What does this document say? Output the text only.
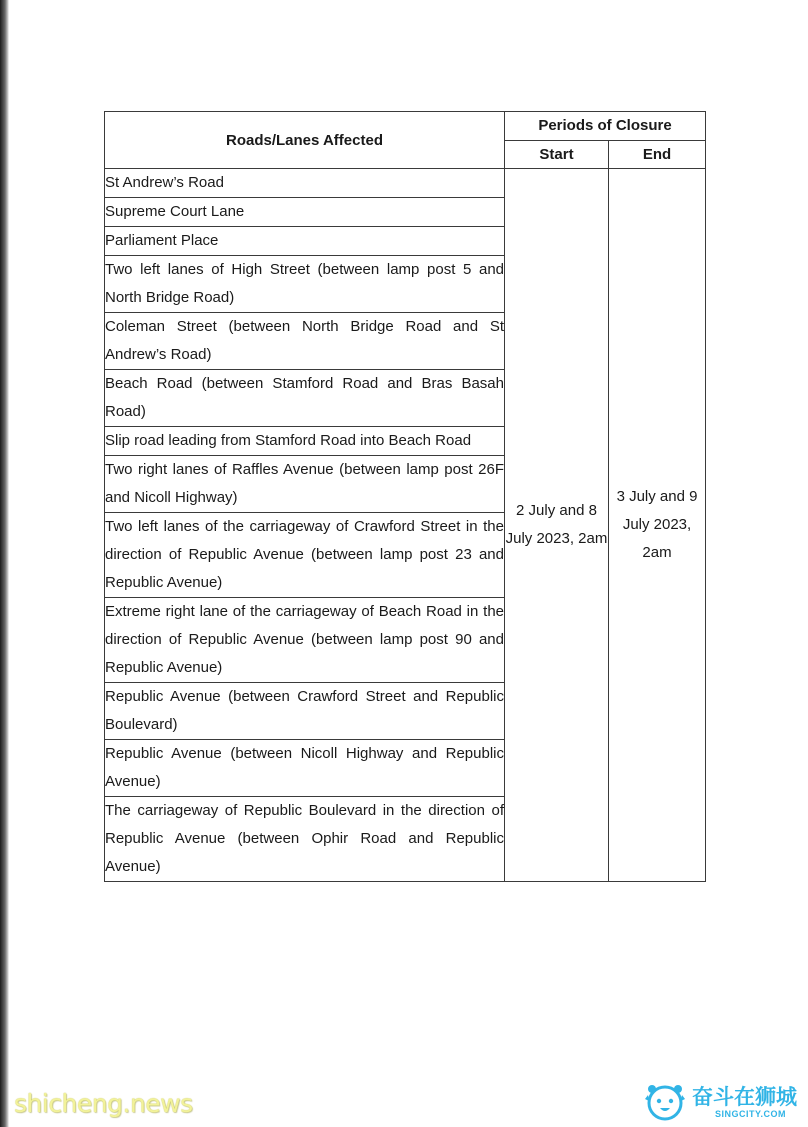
Roads/Lanes Affected	Periods of Closure	
	Start	End
St Andrew’s Road	2 July and 8 July 2023, 2am	3 July and 9 July 2023, 2am
Supreme Court Lane		
Parliament Place		
Two left lanes of High Street (between lamp post 5 and North Bridge Road)		
Coleman Street (between North Bridge Road and St Andrew’s Road)		
Beach Road (between Stamford Road and Bras Basah Road)		
Slip road leading from Stamford Road into Beach Road		
Two right lanes of Raffles Avenue (between lamp post 26F and Nicoll Highway)		
Two left lanes of the carriageway of Crawford Street in the direction of Republic Avenue (between lamp post 23 and Republic Avenue)		
Extreme right lane of the carriageway of Beach Road in the direction of Republic Avenue (between lamp post 90 and Republic Avenue)		
Republic Avenue (between Crawford Street and Republic Boulevard)		
Republic Avenue (between Nicoll Highway and Republic Avenue)		
The carriageway of Republic Boulevard in the direction of Republic Avenue (between Ophir Road and Republic Avenue)		
shicheng.news	奋斗在狮城
SINGCITY.COM
